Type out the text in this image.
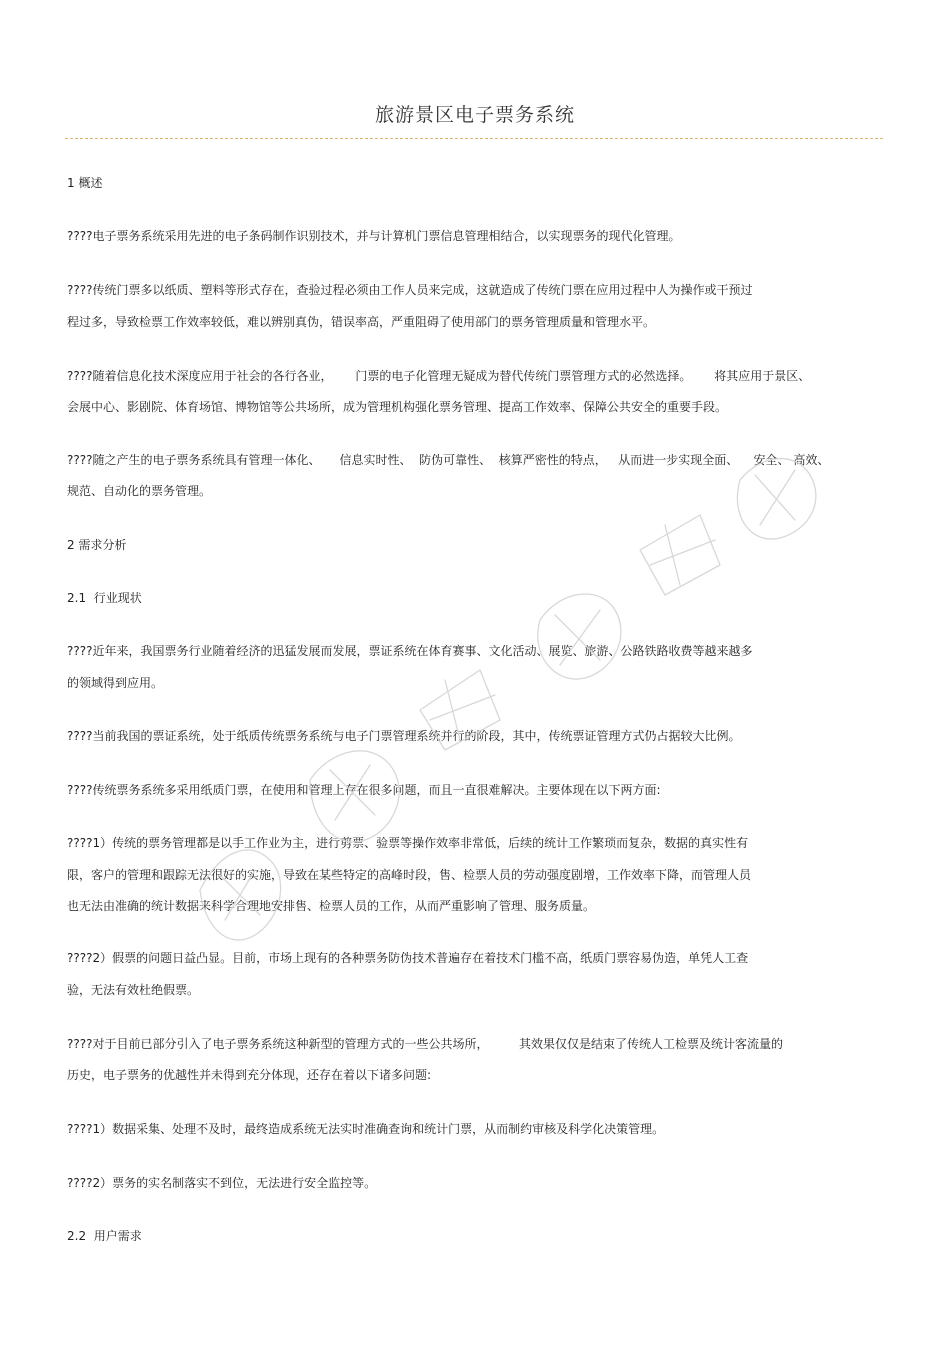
旅游景区电子票务系统
1 概述
????电子票务系统采用先进的电子条码制作识别技术，并与计算机门票信息管理相结合，以实现票务的现代化管理。
????传统门票多以纸质、塑料等形式存在，查验过程必须由工作人员来完成，这就造成了传统门票在应用过程中人为操作或干预过
程过多，导致检票工作效率较低，难以辨别真伪，错误率高，严重阻碍了使用部门的票务管理质量和管理水平。
????随着信息化技术深度应用于社会的各行各业，      门票的电子化管理无疑成为替代传统门票管理方式的必然选择。      将其应用于景区、
会展中心、影剧院、体育场馆、博物馆等公共场所，成为管理机构强化票务管理、提高工作效率、保障公共安全的重要手段。
????随之产生的电子票务系统具有管理一体化、     信息实时性、  防伪可靠性、  核算严密性的特点，   从而进一步实现全面、    安全、 高效、
规范、自动化的票务管理。
2 需求分析
2.1  行业现状
????近年来，我国票务行业随着经济的迅猛发展而发展，票证系统在体育赛事、文化活动、展览、旅游、公路铁路收费等越来越多
的领域得到应用。
????当前我国的票证系统，处于纸质传统票务系统与电子门票管理系统并行的阶段，其中，传统票证管理方式仍占据较大比例。
????传统票务系统多采用纸质门票，在使用和管理上存在很多问题，而且一直很难解决。主要体现在以下两方面:
????1）传统的票务管理都是以手工作业为主，进行剪票、验票等操作效率非常低，后续的统计工作繁琐而复杂，数据的真实性有
限，客户的管理和跟踪无法很好的实施，导致在某些特定的高峰时段，售、检票人员的劳动强度剧增，工作效率下降，而管理人员
也无法由准确的统计数据来科学合理地安排售、检票人员的工作，从而严重影响了管理、服务质量。
????2）假票的问题日益凸显。目前，市场上现有的各种票务防伪技术普遍存在着技术门槛不高，纸质门票容易伪造，单凭人工查
验，无法有效杜绝假票。
????对于目前已部分引入了电子票务系统这种新型的管理方式的一些公共场所，        其效果仅仅是结束了传统人工检票及统计客流量的
历史，电子票务的优越性并未得到充分体现，还存在着以下诸多问题:
????1）数据采集、处理不及时，最终造成系统无法实时准确查询和统计门票，从而制约审核及科学化决策管理。
????2）票务的实名制落实不到位，无法进行安全监控等。
2.2  用户需求
